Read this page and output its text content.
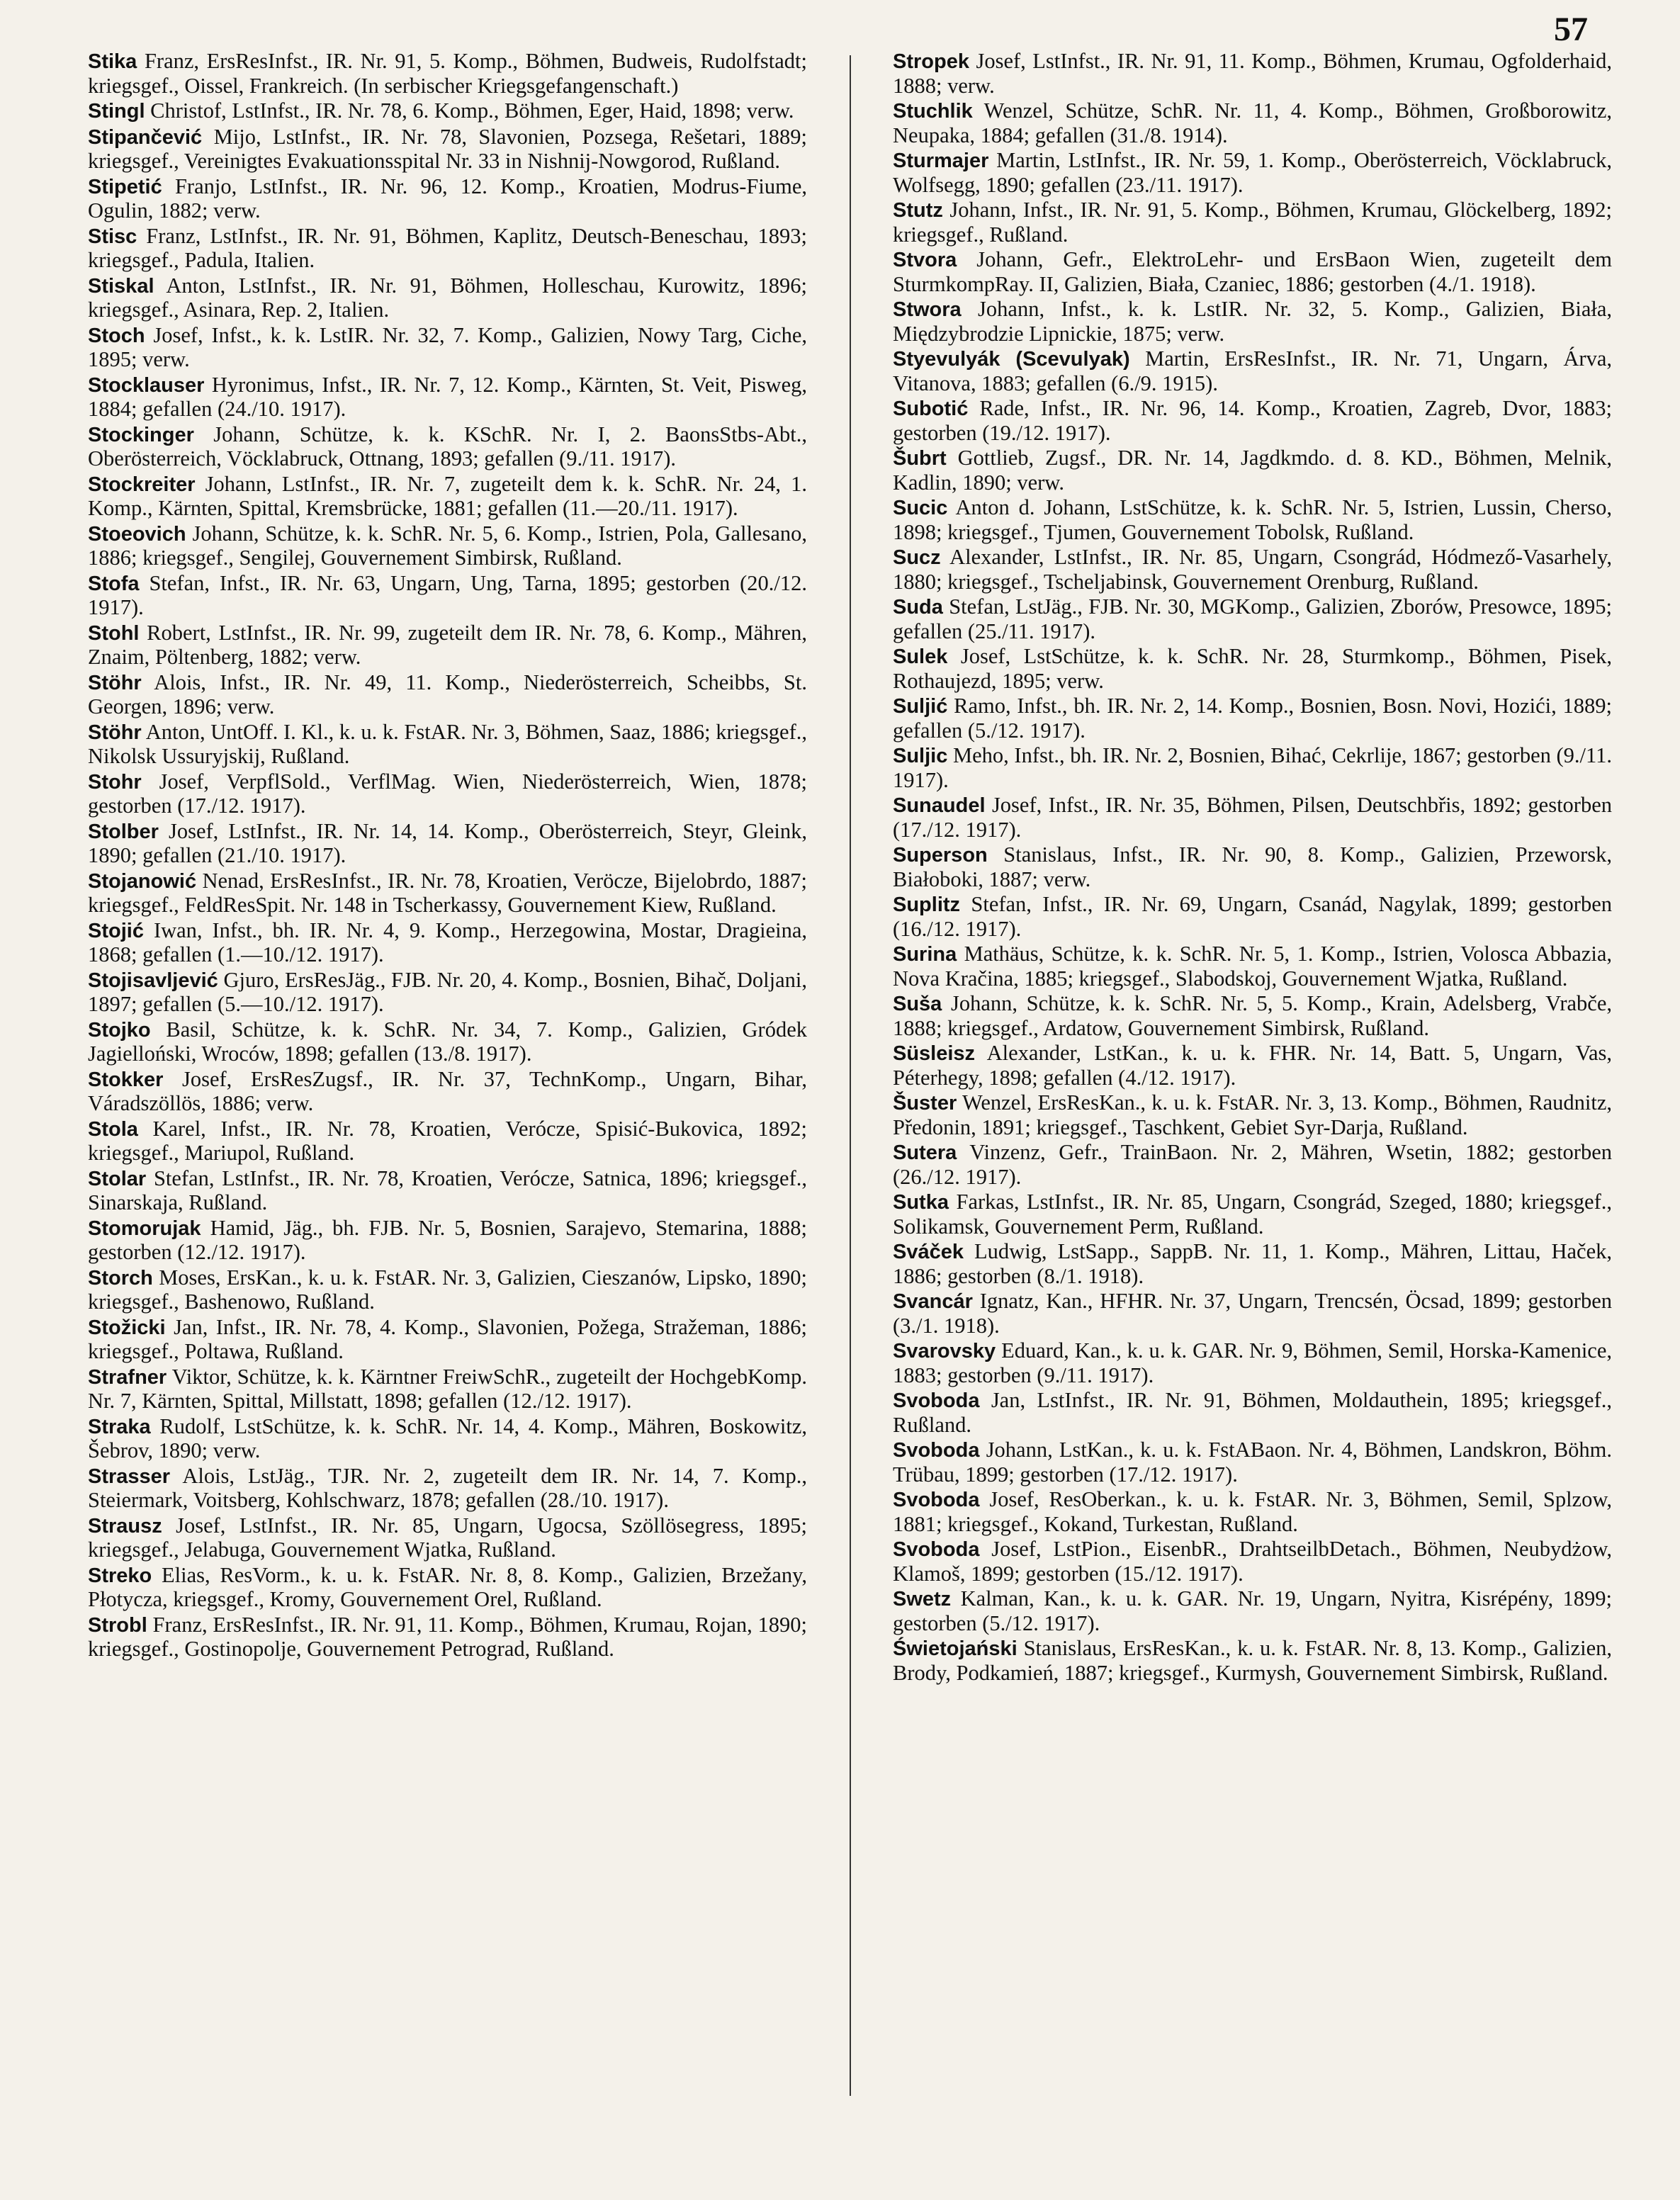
57

Stika Franz, ErsResInfst., IR. Nr. 91, 5. Komp., Böhmen, Budweis, Rudolfstadt; kriegsgef., Oissel, Frankreich. (In serbischer Kriegsgefangenschaft.)

Stingl Christof, LstInfst., IR. Nr. 78, 6. Komp., Böhmen, Eger, Haid, 1898; verw.

Stipančević Mijo, LstInfst., IR. Nr. 78, Slavonien, Pozsega, Rešetari, 1889; kriegsgef., Vereinigtes Evakuationsspital Nr. 33 in Nishnij-Nowgorod, Rußland.

Stipetić Franjo, LstInfst., IR. Nr. 96, 12. Komp., Kroatien, Modrus-Fiume, Ogulin, 1882; verw.

Stisc Franz, LstInfst., IR. Nr. 91, Böhmen, Kaplitz, Deutsch-Beneschau, 1893; kriegsgef., Padula, Italien.

Stiskal Anton, LstInfst., IR. Nr. 91, Böhmen, Holleschau, Kurowitz, 1896; kriegsgef., Asinara, Rep. 2, Italien.

Stoch Josef, Infst., k. k. LstIR. Nr. 32, 7. Komp., Galizien, Nowy Targ, Ciche, 1895; verw.

Stocklauser Hyronimus, Infst., IR. Nr. 7, 12. Komp., Kärnten, St. Veit, Pisweg, 1884; gefallen (24./10. 1917).

Stockinger Johann, Schütze, k. k. KSchR. Nr. I, 2. BaonsStbs-Abt., Oberösterreich, Vöcklabruck, Ottnang, 1893; gefallen (9./11. 1917).

Stockreiter Johann, LstInfst., IR. Nr. 7, zugeteilt dem k. k. SchR. Nr. 24, 1. Komp., Kärnten, Spittal, Kremsbrücke, 1881; gefallen (11.—20./11. 1917).

Stoeovich Johann, Schütze, k. k. SchR. Nr. 5, 6. Komp., Istrien, Pola, Gallesano, 1886; kriegsgef., Sengilej, Gouvernement Simbirsk, Rußland.

Stofa Stefan, Infst., IR. Nr. 63, Ungarn, Ung, Tarna, 1895; gestorben (20./12. 1917).

Stohl Robert, LstInfst., IR. Nr. 99, zugeteilt dem IR. Nr. 78, 6. Komp., Mähren, Znaim, Pöltenberg, 1882; verw.

Stöhr Alois, Infst., IR. Nr. 49, 11. Komp., Niederösterreich, Scheibbs, St. Georgen, 1896; verw.

Stöhr Anton, UntOff. I. Kl., k. u. k. FstAR. Nr. 3, Böhmen, Saaz, 1886; kriegsgef., Nikolsk Ussuryjskij, Rußland.

Stohr Josef, VerpflSold., VerflMag. Wien, Niederösterreich, Wien, 1878; gestorben (17./12. 1917).

Stolber Josef, LstInfst., IR. Nr. 14, 14. Komp., Oberösterreich, Steyr, Gleink, 1890; gefallen (21./10. 1917).

Stojanowić Nenad, ErsResInfst., IR. Nr. 78, Kroatien, Veröcze, Bijelobrdo, 1887; kriegsgef., FeldResSpit. Nr. 148 in Tscherkassy, Gouvernement Kiew, Rußland.

Stojić Iwan, Infst., bh. IR. Nr. 4, 9. Komp., Herzegowina, Mostar, Dragieina, 1868; gefallen (1.—10./12. 1917).

Stojisavljević Gjuro, ErsResJäg., FJB. Nr. 20, 4. Komp., Bosnien, Bihač, Doljani, 1897; gefallen (5.—10./12. 1917).

Stojko Basil, Schütze, k. k. SchR. Nr. 34, 7. Komp., Galizien, Gródek Jagielloński, Wroców, 1898; gefallen (13./8. 1917).

Stokker Josef, ErsResZugsf., IR. Nr. 37, TechnKomp., Ungarn, Bihar, Váradszöllös, 1886; verw.

Stola Karel, Infst., IR. Nr. 78, Kroatien, Verócze, Spisić-Bukovica, 1892; kriegsgef., Mariupol, Rußland.

Stolar Stefan, LstInfst., IR. Nr. 78, Kroatien, Verócze, Satnica, 1896; kriegsgef., Sinarskaja, Rußland.

Stomorujak Hamid, Jäg., bh. FJB. Nr. 5, Bosnien, Sarajevo, Stemarina, 1888; gestorben (12./12. 1917).

Storch Moses, ErsKan., k. u. k. FstAR. Nr. 3, Galizien, Cieszanów, Lipsko, 1890; kriegsgef., Bashenowo, Rußland.

Stožicki Jan, Infst., IR. Nr. 78, 4. Komp., Slavonien, Požega, Stražeman, 1886; kriegsgef., Poltawa, Rußland.

Strafner Viktor, Schütze, k. k. Kärntner FreiwSchR., zugeteilt der HochgebKomp. Nr. 7, Kärnten, Spittal, Millstatt, 1898; gefallen (12./12. 1917).

Straka Rudolf, LstSchütze, k. k. SchR. Nr. 14, 4. Komp., Mähren, Boskowitz, Šebrov, 1890; verw.

Strasser Alois, LstJäg., TJR. Nr. 2, zugeteilt dem IR. Nr. 14, 7. Komp., Steiermark, Voitsberg, Kohlschwarz, 1878; gefallen (28./10. 1917).

Strausz Josef, LstInfst., IR. Nr. 85, Ungarn, Ugocsa, Szöllösegress, 1895; kriegsgef., Jelabuga, Gouvernement Wjatka, Rußland.

Streko Elias, ResVorm., k. u. k. FstAR. Nr. 8, 8. Komp., Galizien, Brzežany, Płotycza, kriegsgef., Kromy, Gouvernement Orel, Rußland.

Strobl Franz, ErsResInfst., IR. Nr. 91, 11. Komp., Böhmen, Krumau, Rojan, 1890; kriegsgef., Gostinopolje, Gouvernement Petrograd, Rußland.

Stropek Josef, LstInfst., IR. Nr. 91, 11. Komp., Böhmen, Krumau, Ogfolderhaid, 1888; verw.

Stuchlik Wenzel, Schütze, SchR. Nr. 11, 4. Komp., Böhmen, Großborowitz, Neupaka, 1884; gefallen (31./8. 1914).

Sturmajer Martin, LstInfst., IR. Nr. 59, 1. Komp., Oberösterreich, Vöcklabruck, Wolfsegg, 1890; gefallen (23./11. 1917).

Stutz Johann, Infst., IR. Nr. 91, 5. Komp., Böhmen, Krumau, Glöckelberg, 1892; kriegsgef., Rußland.

Stvora Johann, Gefr., ElektroLehr- und ErsBaon Wien, zugeteilt dem SturmkompRay. II, Galizien, Biała, Czaniec, 1886; gestorben (4./1. 1918).

Stwora Johann, Infst., k. k. LstIR. Nr. 32, 5. Komp., Galizien, Biała, Międzybrodzie Lipnickie, 1875; verw.

Styevulyák (Scevulyak) Martin, ErsResInfst., IR. Nr. 71, Ungarn, Árva, Vitanova, 1883; gefallen (6./9. 1915).

Subotić Rade, Infst., IR. Nr. 96, 14. Komp., Kroatien, Zagreb, Dvor, 1883; gestorben (19./12. 1917).

Šubrt Gottlieb, Zugsf., DR. Nr. 14, Jagdkmdo. d. 8. KD., Böhmen, Melnik, Kadlin, 1890; verw.

Sucic Anton d. Johann, LstSchütze, k. k. SchR. Nr. 5, Istrien, Lussin, Cherso, 1898; kriegsgef., Tjumen, Gouvernement Tobolsk, Rußland.

Sucz Alexander, LstInfst., IR. Nr. 85, Ungarn, Csongrád, Hódmező-Vasarhely, 1880; kriegsgef., Tscheljabinsk, Gouvernement Orenburg, Rußland.

Suda Stefan, LstJäg., FJB. Nr. 30, MGKomp., Galizien, Zborów, Presowce, 1895; gefallen (25./11. 1917).

Sulek Josef, LstSchütze, k. k. SchR. Nr. 28, Sturmkomp., Böhmen, Pisek, Rothaujezd, 1895; verw.

Suljić Ramo, Infst., bh. IR. Nr. 2, 14. Komp., Bosnien, Bosn. Novi, Hozići, 1889; gefallen (5./12. 1917).

Suljic Meho, Infst., bh. IR. Nr. 2, Bosnien, Bihać, Cekrlije, 1867; gestorben (9./11. 1917).

Sunaudel Josef, Infst., IR. Nr. 35, Böhmen, Pilsen, Deutschbřis, 1892; gestorben (17./12. 1917).

Superson Stanislaus, Infst., IR. Nr. 90, 8. Komp., Galizien, Przeworsk, Białoboki, 1887; verw.

Suplitz Stefan, Infst., IR. Nr. 69, Ungarn, Csanád, Nagylak, 1899; gestorben (16./12. 1917).

Surina Mathäus, Schütze, k. k. SchR. Nr. 5, 1. Komp., Istrien, Volosca Abbazia, Nova Kračina, 1885; kriegsgef., Slabodskoj, Gouvernement Wjatka, Rußland.

Suša Johann, Schütze, k. k. SchR. Nr. 5, 5. Komp., Krain, Adelsberg, Vrabče, 1888; kriegsgef., Ardatow, Gouvernement Simbirsk, Rußland.

Süsleisz Alexander, LstKan., k. u. k. FHR. Nr. 14, Batt. 5, Ungarn, Vas, Péterhegy, 1898; gefallen (4./12. 1917).

Šuster Wenzel, ErsResKan., k. u. k. FstAR. Nr. 3, 13. Komp., Böhmen, Raudnitz, Předonin, 1891; kriegsgef., Taschkent, Gebiet Syr-Darja, Rußland.

Sutera Vinzenz, Gefr., TrainBaon. Nr. 2, Mähren, Wsetin, 1882; gestorben (26./12. 1917).

Sutka Farkas, LstInfst., IR. Nr. 85, Ungarn, Csongrád, Szeged, 1880; kriegsgef., Solikamsk, Gouvernement Perm, Rußland.

Sváček Ludwig, LstSapp., SappB. Nr. 11, 1. Komp., Mähren, Littau, Haček, 1886; gestorben (8./1. 1918).

Svancár Ignatz, Kan., HFHR. Nr. 37, Ungarn, Trencsén, Öcsad, 1899; gestorben (3./1. 1918).

Svarovsky Eduard, Kan., k. u. k. GAR. Nr. 9, Böhmen, Semil, Horska-Kamenice, 1883; gestorben (9./11. 1917).

Svoboda Jan, LstInfst., IR. Nr. 91, Böhmen, Moldauthein, 1895; kriegsgef., Rußland.

Svoboda Johann, LstKan., k. u. k. FstABaon. Nr. 4, Böhmen, Landskron, Böhm. Trübau, 1899; gestorben (17./12. 1917).

Svoboda Josef, ResOberkan., k. u. k. FstAR. Nr. 3, Böhmen, Semil, Splzow, 1881; kriegsgef., Kokand, Turkestan, Rußland.

Svoboda Josef, LstPion., EisenbR., DrahtseilbDetach., Böhmen, Neubydżow, Klamoš, 1899; gestorben (15./12. 1917).

Swetz Kalman, Kan., k. u. k. GAR. Nr. 19, Ungarn, Nyitra, Kisrépény, 1899; gestorben (5./12. 1917).

Świetojański Stanislaus, ErsResKan., k. u. k. FstAR. Nr. 8, 13. Komp., Galizien, Brody, Podkamień, 1887; kriegsgef., Kurmysh, Gouvernement Simbirsk, Rußland.
